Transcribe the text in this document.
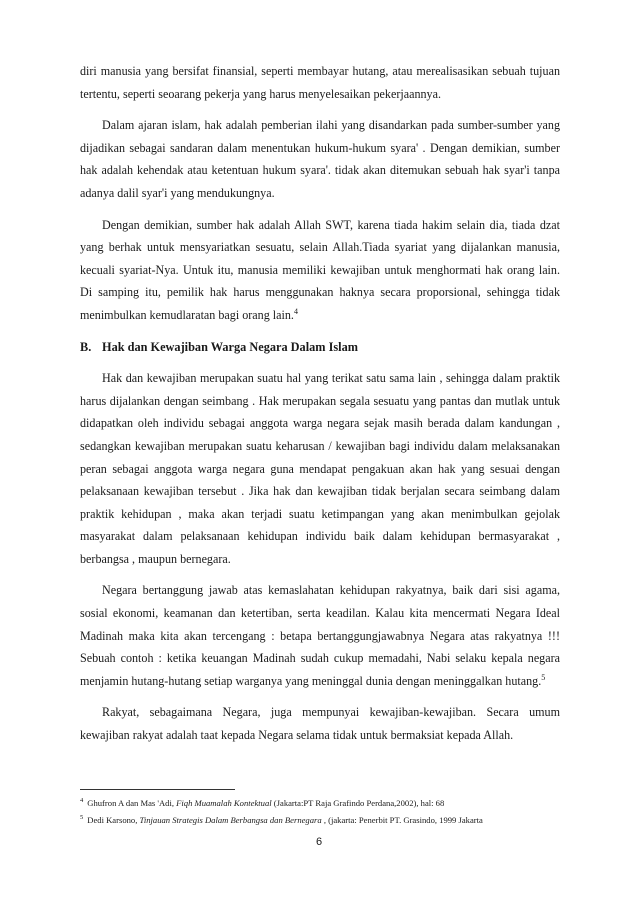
diri manusia yang bersifat finansial, seperti membayar hutang, atau merealisasikan sebuah tujuan tertentu, seperti seoarang pekerja yang harus menyelesaikan pekerjaannya.

Dalam ajaran islam, hak adalah pemberian ilahi yang disandarkan pada sumber-sumber yang dijadikan sebagai sandaran dalam menentukan hukum-hukum syara' . Dengan demikian, sumber hak adalah kehendak atau ketentuan hukum syara'. tidak akan ditemukan sebuah hak syar'i tanpa adanya dalil syar'i yang mendukungnya.

Dengan demikian, sumber hak adalah Allah SWT, karena tiada hakim selain dia, tiada dzat yang berhak untuk mensyariatkan sesuatu, selain Allah.Tiada syariat yang dijalankan manusia, kecuali syariat-Nya. Untuk itu, manusia memiliki kewajiban untuk menghormati hak orang lain. Di samping itu, pemilik hak harus menggunakan haknya secara proporsional, sehingga tidak menimbulkan kemudlaratan bagi orang lain.$^4$

B. Hak dan Kewajiban Warga Negara Dalam Islam

Hak dan kewajiban merupakan suatu hal yang terikat satu sama lain , sehingga dalam praktik harus dijalankan dengan seimbang . Hak merupakan segala sesuatu yang pantas dan mutlak untuk didapatkan oleh individu sebagai anggota warga negara sejak masih berada dalam kandungan , sedangkan kewajiban merupakan suatu keharusan / kewajiban bagi individu dalam melaksanakan peran sebagai anggota warga negara guna mendapat pengakuan akan hak yang sesuai dengan pelaksanaan kewajiban tersebut . Jika hak dan kewajiban tidak berjalan secara seimbang dalam praktik kehidupan , maka akan terjadi suatu ketimpangan yang akan menimbulkan gejolak masyarakat dalam pelaksanaan kehidupan individu baik dalam kehidupan bermasyarakat , berbangsa , maupun bernegara.

Negara bertanggung jawab atas kemaslahatan kehidupan rakyatnya, baik dari sisi agama, sosial ekonomi, keamanan dan ketertiban, serta keadilan. Kalau kita mencermati Negara Ideal Madinah maka kita akan tercengang : betapa bertanggungjawabnya Negara atas rakyatnya !!! Sebuah contoh : ketika keuangan Madinah sudah cukup memadahi, Nabi selaku kepala negara menjamin hutang-hutang setiap warganya yang meninggal dunia dengan meninggalkan hutang.$^5$

Rakyat, sebagaimana Negara, juga mempunyai kewajiban-kewajiban. Secara umum kewajiban rakyat adalah taat kepada Negara selama tidak untuk bermaksiat kepada Allah.

$^4$ Ghufron A dan Mas 'Adi, Fiqh Muamalah Kontektual (Jakarta:PT Raja Grafindo Perdana,2002), hal: 68

$^5$ Dedi Karsono, Tinjauan Strategis Dalam Berbangsa dan Bernegara , (jakarta: Penerbit PT. Grasindo, 1999 Jakarta

6
